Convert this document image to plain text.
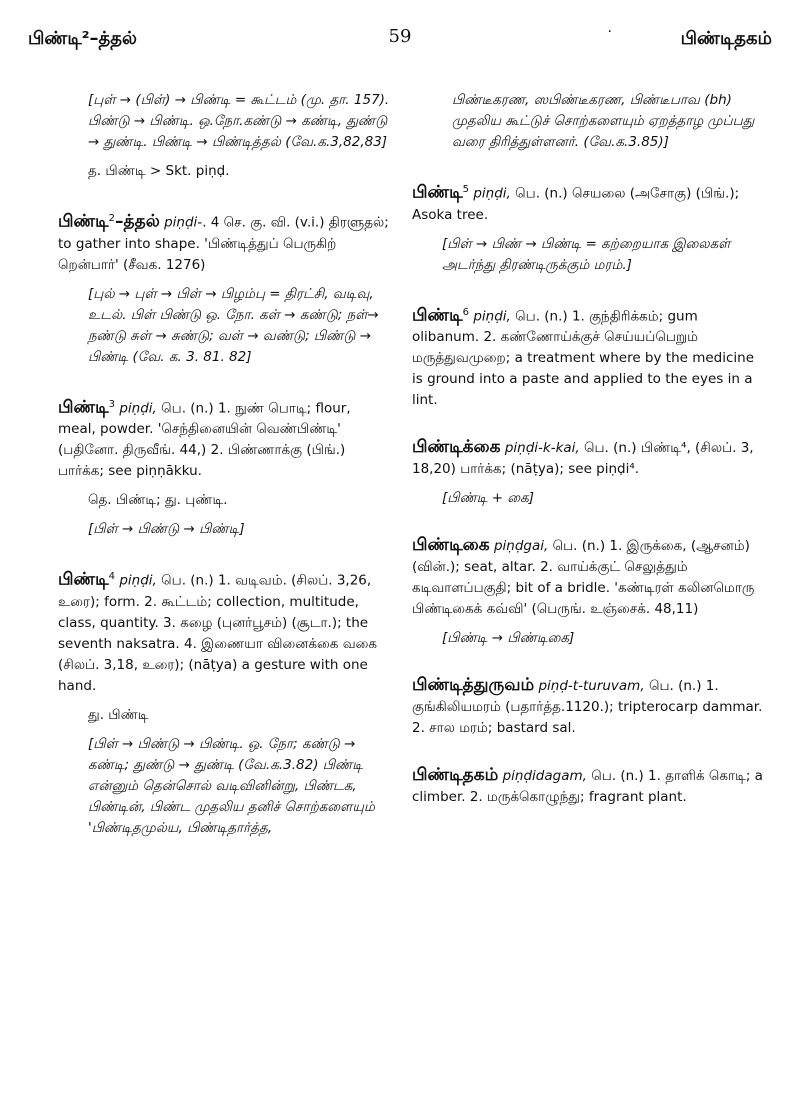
பிண்டி²–த்தல்	59	·	பிண்டிதகம்
[புள் → (பிள்) → பிண்டி = கூட்டம் (மு. தா. 157). பிண்டு → பிண்டி. ஒ.நோ.கண்டு → கண்டி, துண்டு → துண்டி. பிண்டி → பிண்டித்தல் (வே.க.3,82,83]
த. பிண்டி > Skt. piṇḍ.
பிண்டி$^2$–த்தல் piṇḍi-. 4 செ. கு. வி. (v.i.) திரளுதல்; to gather into shape. 'பிண்டித்துப் பெருகிற் றென்பார்' (சீவக. 1276)
[புல் → புள் → பிள் → பிழம்பு = திரட்சி, வடிவு, உடல். பிள் பிண்டு ஒ. நோ. கள் → கண்டு; நள்→ நண்டு சுள் → சுண்டு; வள் → வண்டு; பிண்டு → பிண்டி (வே. க. 3. 81. 82]
பிண்டி$^3$ piṇḍi, பெ. (n.) 1. நுண் பொடி; flour, meal, powder. 'செந்தினையின் வெண்பிண்டி' (பதினோ. திருவீங். 44,) 2. பிண்ணாக்கு (பிங்.) பார்க்க; see piṇṇākku.
தெ. பிண்டி; து. புண்டி.
[பிள் → பிண்டு → பிண்டி]
பிண்டி$^4$ piṇḍi, பெ. (n.) 1. வடிவம். (சிலப். 3,26, உரை); form. 2. கூட்டம்; collection, multitude, class, quantity. 3. கழை (புனர்பூசம்) (சூடா.); the seventh naksatra. 4. இணையா வினைக்கை வகை (சிலப். 3,18, உரை); (nāṭya) a gesture with one hand.
து. பிண்டி
[பிள் → பிண்டு → பிண்டி. ஒ. நோ; கண்டு → கண்டி; துண்டு → துண்டி (வே.க.3.82) பிண்டி என்னும் தென்சொல் வடிவினின்று, பிண்டக, பிண்டின், பிண்ட முதலிய தனிச் சொற்களையும் 'பிண்டிதமுல்ய, பிண்டிதார்த்த,
பிண்டீகரண, ஸபிண்டீகரண, பிண்டீபாவ (bh) முதலிய கூட்டுச் சொற்களையும் ஏறத்தாழ முப்பது வரை திரித்துள்ளனர். (வே.க.3.85)]
பிண்டி$^5$ piṇḍi, பெ. (n.) செயலை (அசோகு) (பிங்.); Asoka tree.
[பிள் → பிண் → பிண்டி = கற்றையாக இலைகள் அடர்ந்து திரண்டிருக்கும் மரம்.]
பிண்டி$^6$ piṇḍi, பெ. (n.) 1. குந்திரிக்கம்; gum olibanum. 2. கண்ணோய்க்குச் செய்யப்பெறும் மருத்துவமுறை; a treatment where by the medicine is ground into a paste and applied to the eyes in a lint.
பிண்டிக்கை piṇḍi-k-kai, பெ. (n.) பிண்டி⁴, (சிலப். 3, 18,20) பார்க்க; (nāṭya); see piṇḍi⁴.
[பிண்டி + கை]
பிண்டிகை piṇḍgai, பெ. (n.) 1. இருக்கை, (ஆசனம்) (வின்.); seat, altar. 2. வாய்க்குட் செலுத்தும் கடிவாளப்பகுதி; bit of a bridle. 'கண்டிரள் கலினமொரு பிண்டிகைக் கவ்வி' (பெருங். உஞ்சைக். 48,11)
[பிண்டி → பிண்டிகை]
பிண்டித்துருவம் piṇḍ-t-turuvam, பெ. (n.) 1. குங்கிலியமரம் (பதார்த்த.1120.); tripterocarp dammar. 2. சால மரம்; bastard sal.
பிண்டிதகம் piṇḍidagam, பெ. (n.) 1. தாளிக் கொடி; a climber. 2. மருக்கொழுந்து; fragrant plant.
